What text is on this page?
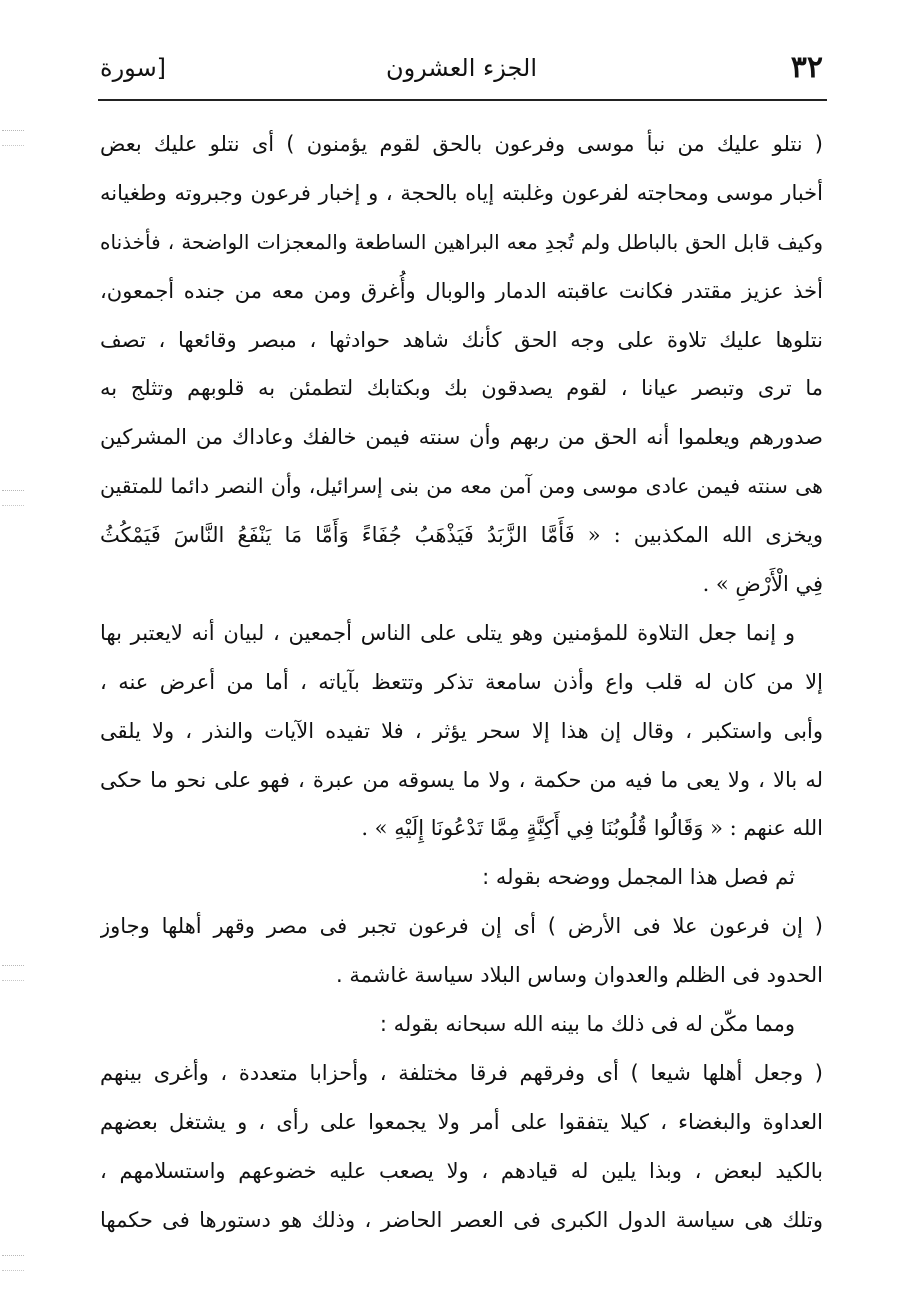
٣٢
الجزء العشرون
[سورة
( نتلو عليك من نبأ موسى وفرعون بالحق لقوم يؤمنون ) أى نتلو عليك بعض
أخبار موسى ومحاجته لفرعون وغلبته إياه بالحجة ، و إخبار فرعون وجبروته وطغيانه
وكيف قابل الحق بالباطل ولم تُجدِ معه البراهين الساطعة والمعجزات الواضحة ، فأخذناه
أخذ عزيز مقتدر فكانت عاقبته الدمار والوبال وأُغرق ومن معه من جنده أجمعون،
نتلوها عليك تلاوة على وجه الحق كأنك شاهد حوادثها ، مبصر وقائعها ، تصف
ما ترى وتبصر عيانا ، لقوم يصدقون بك وبكتابك لتطمئن به قلوبهم وتثلج به
صدورهم ويعلموا أنه الحق من ربهم وأن سنته فيمن خالفك وعاداك من المشركين
هى سنته فيمن عادى موسى ومن آمن معه من بنى إسرائيل، وأن النصر دائما للمتقين
ويخزى الله المكذبين : « فَأَمَّا الزَّبَدُ فَيَذْهَبُ جُفَاءً وَأَمَّا مَا يَنْفَعُ النَّاسَ فَيَمْكُثُ
فِي الْأَرْضِ » .
و إنما جعل التلاوة للمؤمنين وهو يتلى على الناس أجمعين ، لبيان أنه لايعتبر بها
إلا من كان له قلب واع وأذن سامعة تذكر وتتعظ بآياته ، أما من أعرض عنه ،
وأبى واستكبر ، وقال إن هذا إلا سحر يؤثر ، فلا تفيده الآيات والنذر ، ولا يلقى
له بالا ، ولا يعى ما فيه من حكمة ، ولا ما يسوقه من عبرة ، فهو على نحو ما حكى
الله عنهم : « وَقَالُوا قُلُوبُنَا فِي أَكِنَّةٍ مِمَّا تَدْعُونَا إِلَيْهِ » .
ثم فصل هذا المجمل ووضحه بقوله :
( إن فرعون علا فى الأرض ) أى إن فرعون تجبر فى مصر وقهر أهلها وجاوز
الحدود فى الظلم والعدوان وساس البلاد سياسة غاشمة .
ومما مكّن له فى ذلك ما بينه الله سبحانه بقوله :
( وجعل أهلها شيعا ) أى وفرقهم فرقا مختلفة ، وأحزابا متعددة ، وأغرى بينهم
العداوة والبغضاء ، كيلا يتفقوا على أمر ولا يجمعوا على رأى ، و يشتغل بعضهم
بالكيد لبعض ، وبذا يلين له قيادهم ، ولا يصعب عليه خضوعهم واستسلامهم ،
وتلك هى سياسة الدول الكبرى فى العصر الحاضر ، وذلك هو دستورها فى حكمها
